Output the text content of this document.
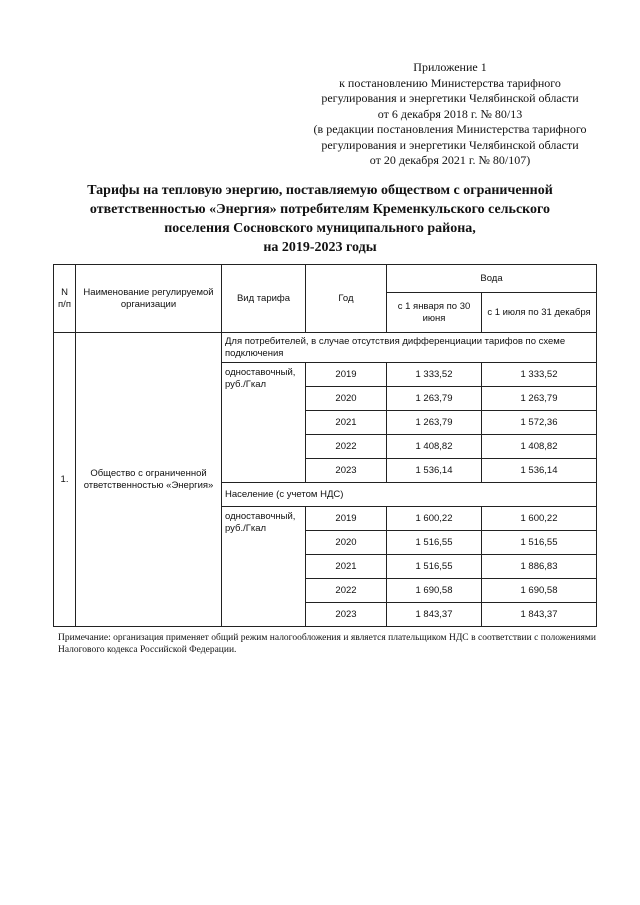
Приложение 1
к постановлению Министерства тарифного
регулирования и энергетики Челябинской области
от 6 декабря 2018 г. № 80/13
(в редакции постановления Министерства тарифного
регулирования и энергетики Челябинской области
от 20 декабря 2021 г. № 80/107)
Тарифы на тепловую энергию, поставляемую обществом с ограниченной
ответственностью «Энергия» потребителям Кременкульского сельского
поселения Сосновского муниципального района,
на 2019-2023 годы
N п/п	Наименование регулируемой организации	Вид тарифа	Год	Вода	
				с 1 января по 30 июня	с 1 июля по 31 декабря
1.	Общество с ограниченной ответственностью «Энергия»	Для потребителей, в случае отсутствия дифференциации тарифов по схеме подключения			
		одноставочный, руб./Гкал	2019	1 333,52	1 333,52
			2020	1 263,79	1 263,79
			2021	1 263,79	1 572,36
			2022	1 408,82	1 408,82
			2023	1 536,14	1 536,14
		Население (с учетом НДС)			
		одноставочный, руб./Гкал	2019	1 600,22	1 600,22
			2020	1 516,55	1 516,55
			2021	1 516,55	1 886,83
			2022	1 690,58	1 690,58
			2023	1 843,37	1 843,37
Примечание: организация применяет общий режим налогообложения и является плательщиком НДС в соответствии с положениями Налогового кодекса Российской Федерации.
